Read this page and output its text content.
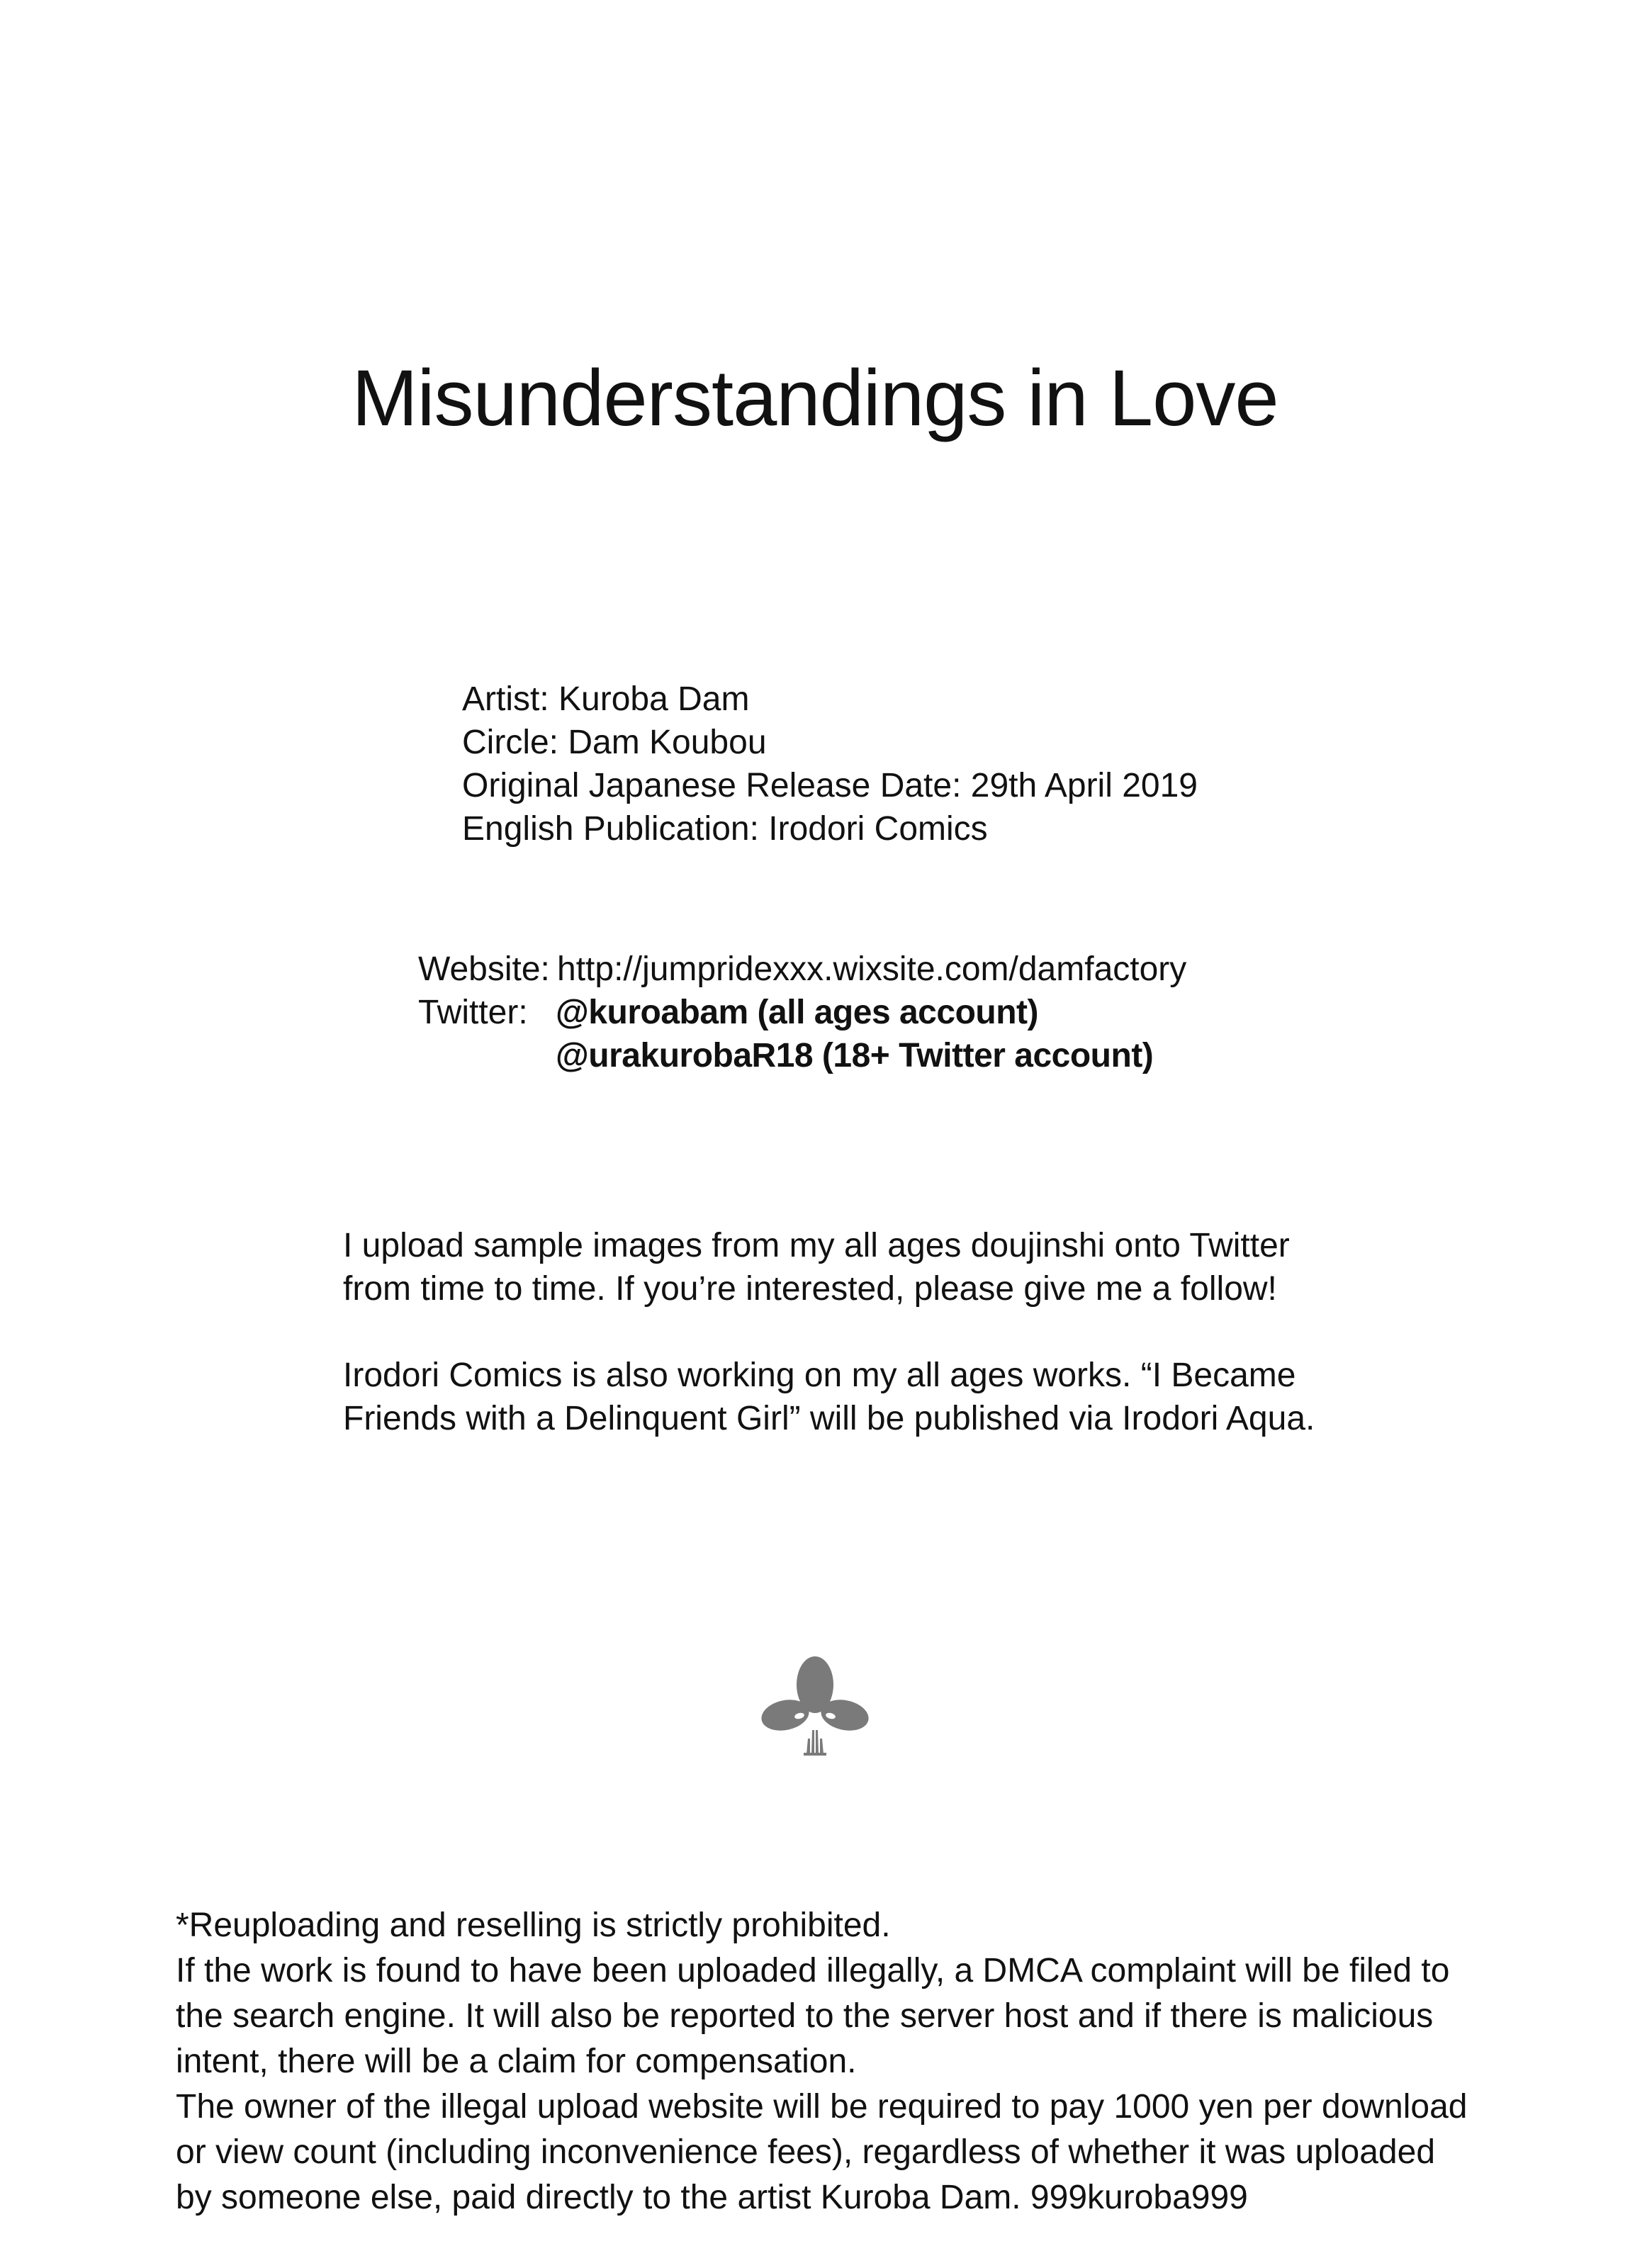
Misunderstandings in Love
Artist: Kuroba Dam
Circle: Dam Koubou
Original Japanese Release Date: 29th April 2019
English Publication: Irodori Comics
Website: http://jumpridexxx.wixsite.com/damfactory
Twitter: @kuroabam (all ages account)
@urakurobaR18 (18+ Twitter account)

I upload sample images from my all ages doujinshi onto Twitter
from time to time. If you’re interested, please give me a follow!

Irodori Comics is also working on my all ages works. “I Became
Friends with a Delinquent Girl” will be published via Irodori Aqua.

*Reuploading and reselling is strictly prohibited.
If the work is found to have been uploaded illegally, a DMCA complaint will be filed to
the search engine. It will also be reported to the server host and if there is malicious
intent, there will be a claim for compensation.
The owner of the illegal upload website will be required to pay 1000 yen per download
or view count (including inconvenience fees), regardless of whether it was uploaded
by someone else, paid directly to the artist Kuroba Dam. 999kuroba999
